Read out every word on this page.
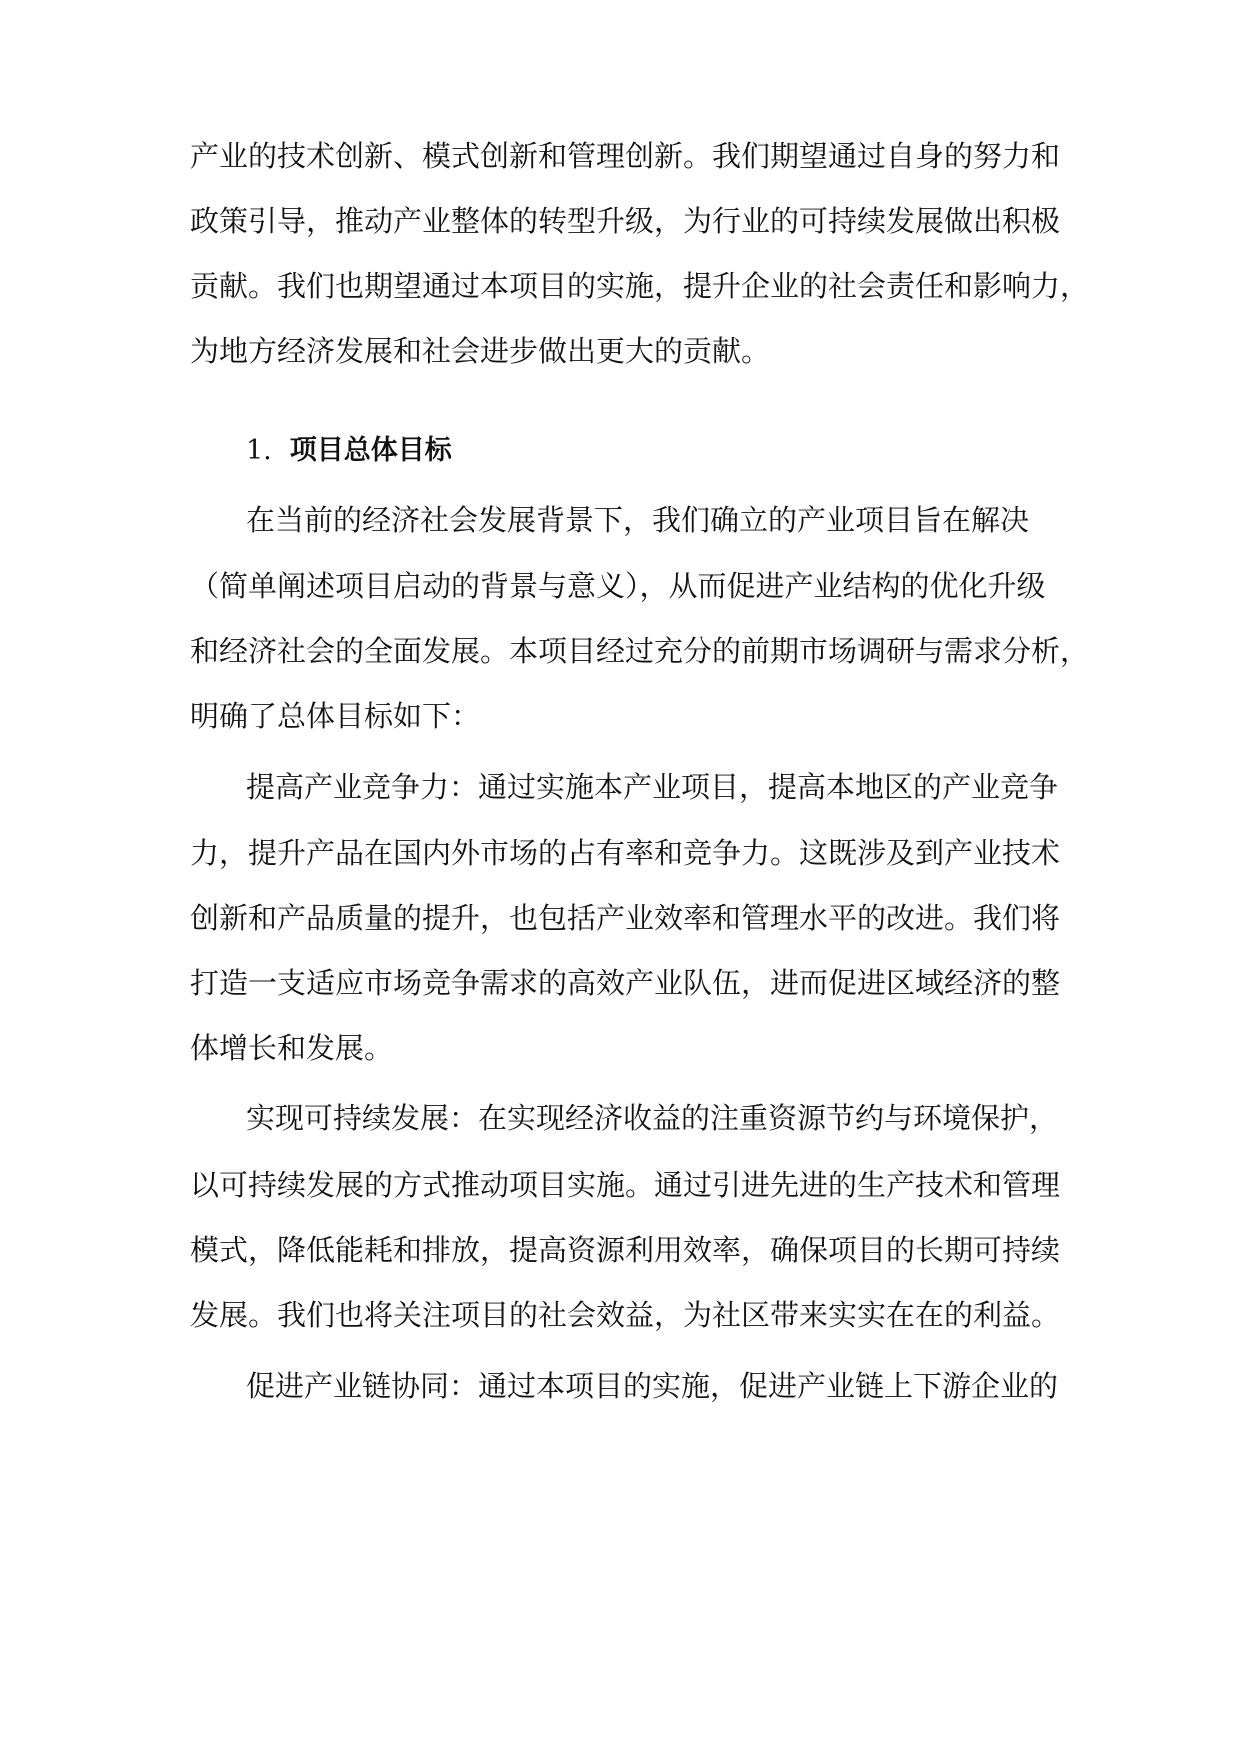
产业的技术创新、模式创新和管理创新。我们期望通过自身的努力和
政策引导，推动产业整体的转型升级，为行业的可持续发展做出积极
贡献。我们也期望通过本项目的实施，提升企业的社会责任和影响力，
为地方经济发展和社会进步做出更大的贡献。
1. 项目总体目标
在当前的经济社会发展背景下，我们确立的产业项目旨在解决
（简单阐述项目启动的背景与意义），从而促进产业结构的优化升级
和经济社会的全面发展。本项目经过充分的前期市场调研与需求分析，
明确了总体目标如下：
提高产业竞争力：通过实施本产业项目，提高本地区的产业竞争
力，提升产品在国内外市场的占有率和竞争力。这既涉及到产业技术
创新和产品质量的提升，也包括产业效率和管理水平的改进。我们将
打造一支适应市场竞争需求的高效产业队伍，进而促进区域经济的整
体增长和发展。
实现可持续发展：在实现经济收益的注重资源节约与环境保护，
以可持续发展的方式推动项目实施。通过引进先进的生产技术和管理
模式，降低能耗和排放，提高资源利用效率，确保项目的长期可持续
发展。我们也将关注项目的社会效益，为社区带来实实在在的利益。
促进产业链协同：通过本项目的实施，促进产业链上下游企业的
